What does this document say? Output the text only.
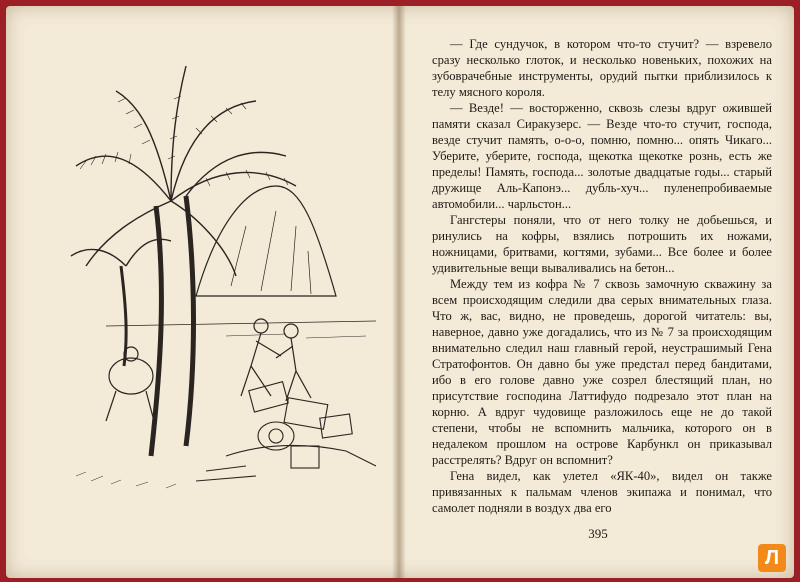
— Где сундучок, в котором что-то стучит? — взревело сразу несколько глоток, и несколько новеньких, похожих на зубоврачебные инструменты, орудий пытки приблизилось к телу мясного короля.

— Везде! — восторженно, сквозь слезы вдруг ожившей памяти сказал Сиракузерс. — Везде что-то стучит, господа, везде стучит память, о-о-о, помню, помню... опять Чикаго... Уберите, уберите, господа, щекотка щекотке рознь, есть же пределы! Память, господа... золотые двадцатые годы... старый дружище Аль-Капонэ... дубль-хуч... пуленепробиваемые автомобили... чарльстон...

Гангстеры поняли, что от него толку не добьешься, и ринулись на кофры, взялись потрошить их ножами, ножницами, бритвами, когтями, зубами... Все более и более удивительные вещи вываливались на бетон...

Между тем из кофра № 7 сквозь замочную скважину за всем происходящим следили два серых внимательных глаза. Что ж, вас, видно, не проведешь, дорогой читатель: вы, наверное, давно уже догадались, что из № 7 за происходящим внимательно следил наш главный герой, неустрашимый Гена Стратофонтов. Он давно бы уже предстал перед бандитами, ибо в его голове давно уже созрел блестящий план, но присутствие господина Латтифудо подрезало этот план на корню. А вдруг чудовище разложилось еще не до такой степени, чтобы не вспомнить мальчика, которого он в недалеком прошлом на острове Карбункл он приказывал расстрелять? Вдруг он вспомнит?

Гена видел, как улетел «ЯК-40», видел он также привязанных к пальмам членов экипажа и понимал, что самолет подняли в воздух два его

395
Л
